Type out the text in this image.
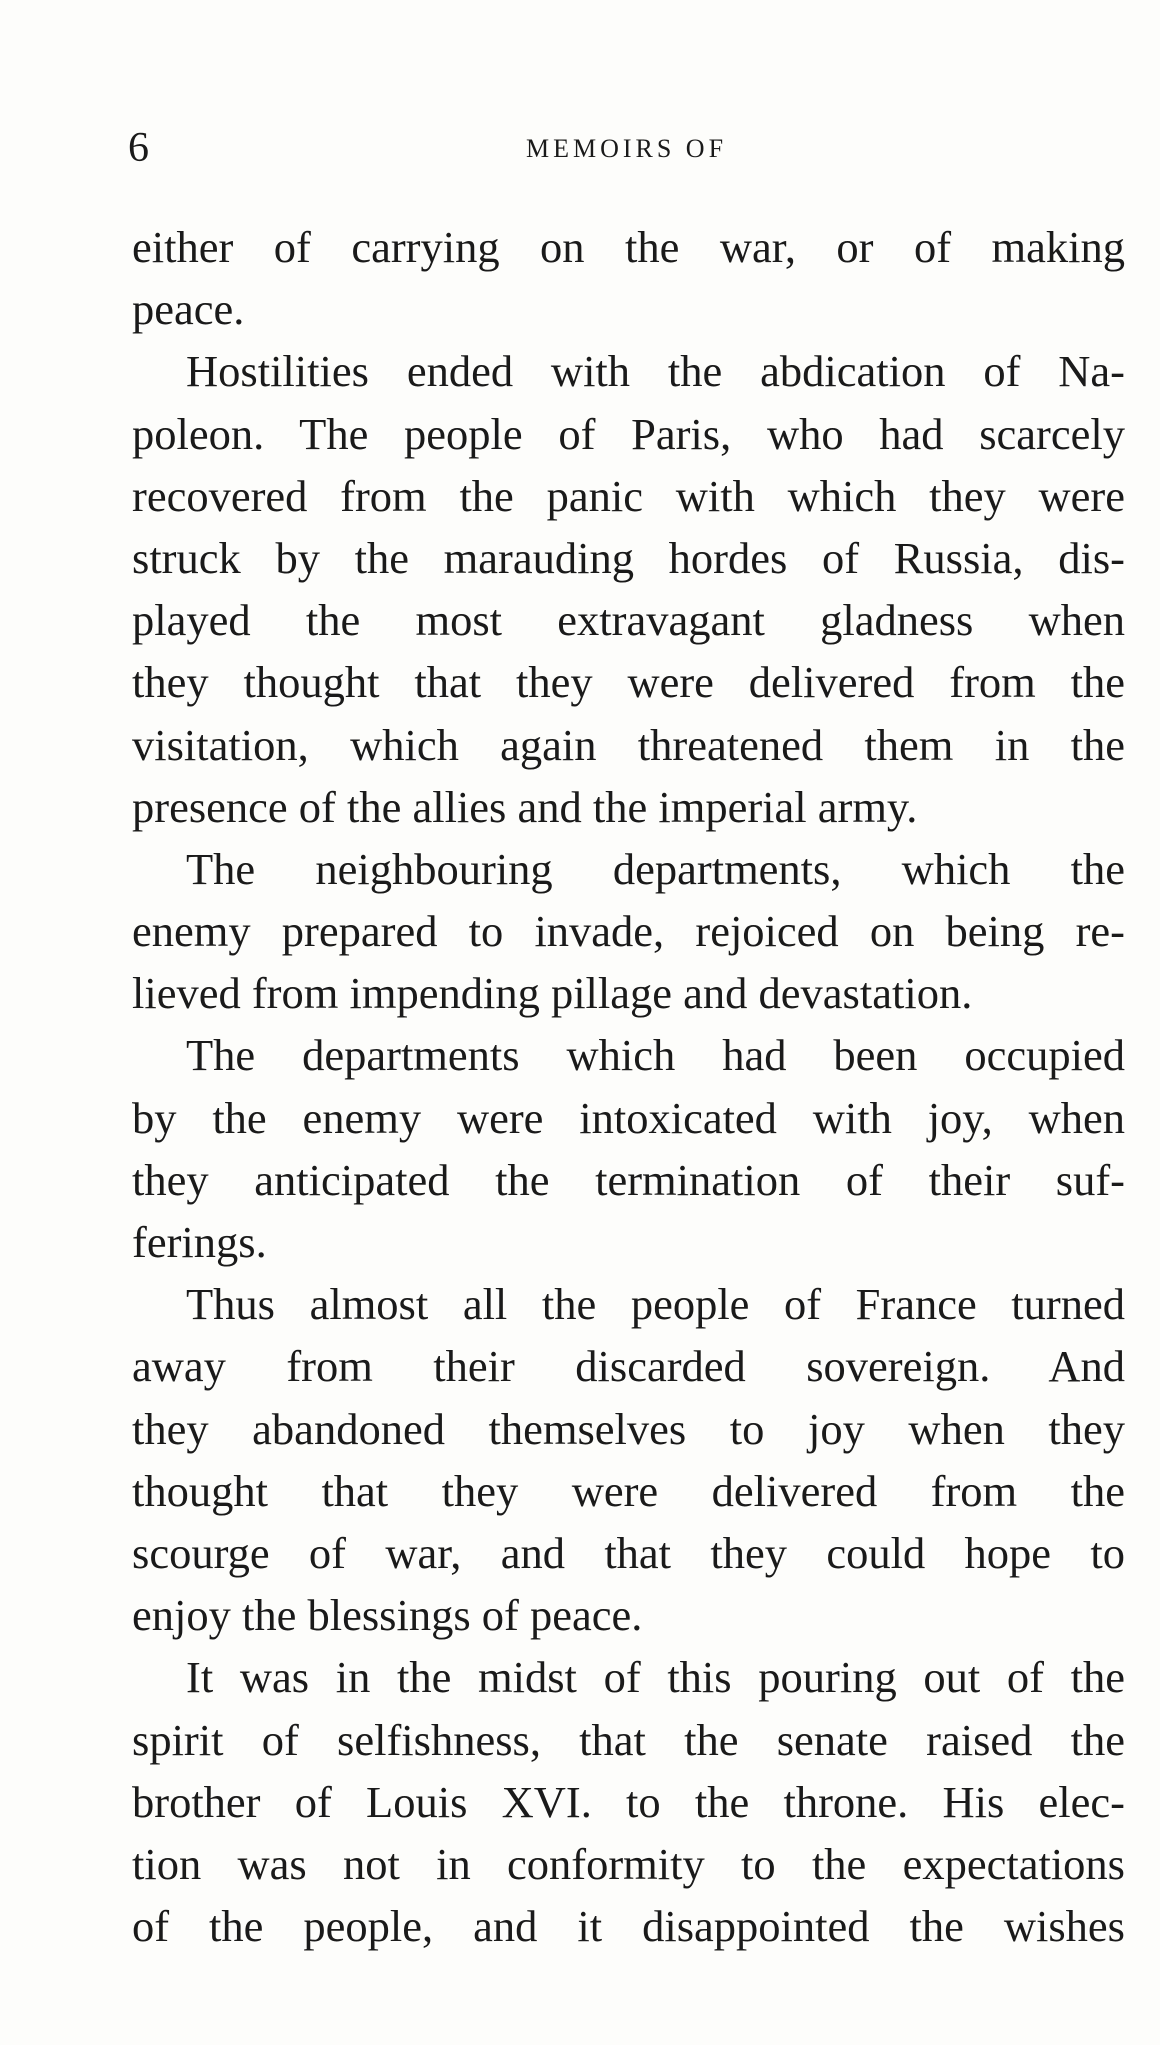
6	MEMOIRS OF
either of carrying on the war, or of making
peace.
Hostilities ended with the abdication of Na-
poleon. The people of Paris, who had scarcely
recovered from the panic with which they were
struck by the marauding hordes of Russia, dis-
played the most extravagant gladness when
they thought that they were delivered from the
visitation, which again threatened them in the
presence of the allies and the imperial army.
The neighbouring departments, which the
enemy prepared to invade, rejoiced on being re-
lieved from impending pillage and devastation.
The departments which had been occupied
by the enemy were intoxicated with joy, when
they anticipated the termination of their suf-
ferings.
Thus almost all the people of France turned
away from their discarded sovereign. And
they abandoned themselves to joy when they
thought that they were delivered from the
scourge of war, and that they could hope to
enjoy the blessings of peace.
It was in the midst of this pouring out of the
spirit of selfishness, that the senate raised the
brother of Louis XVI. to the throne. His elec-
tion was not in conformity to the expectations
of the people, and it disappointed the wishes
